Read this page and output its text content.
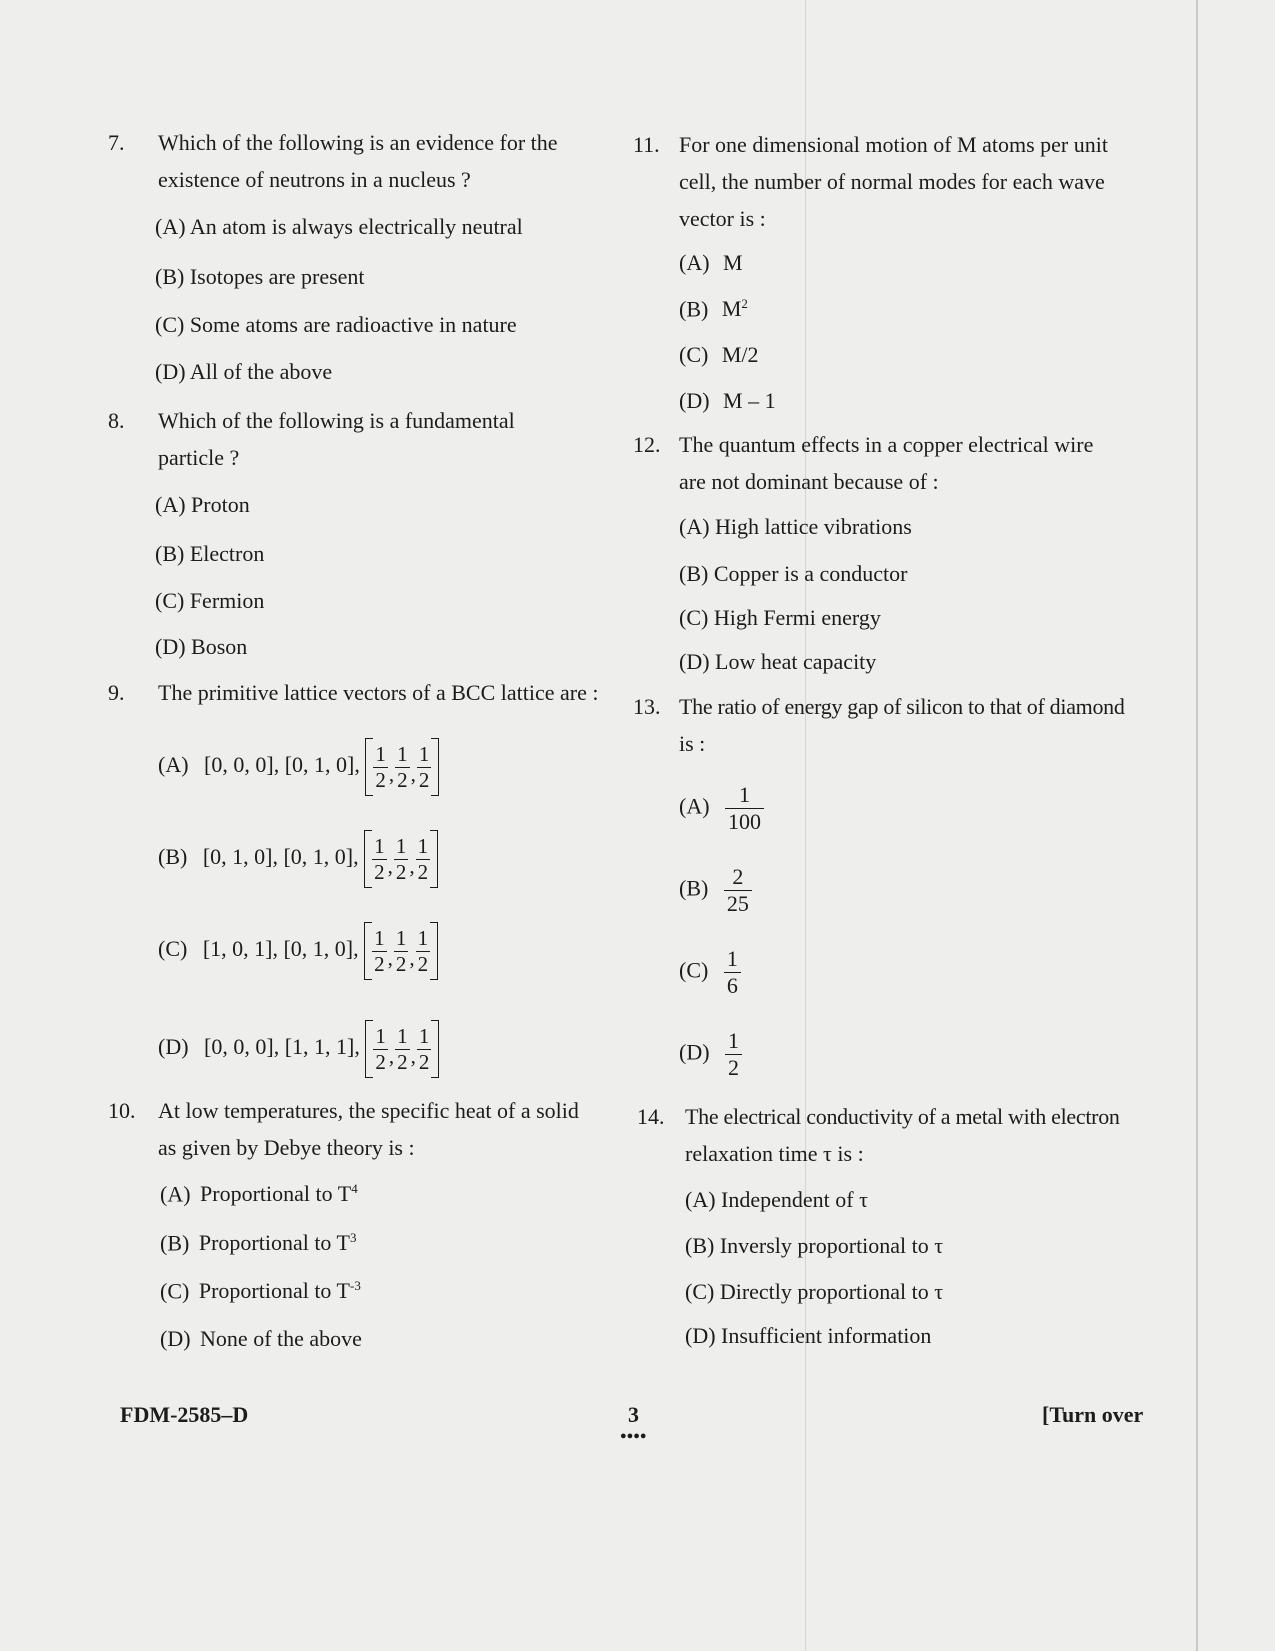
7. Which of the following is an evidence for the
existence of neutrons in a nucleus ?
(A) An atom is always electrically neutral
(B) Isotopes are present
(C) Some atoms are radioactive in nature
(D) All of the above
8. Which of the following is a fundamental
particle ?
(A) Proton
(B) Electron
(C) Fermion
(D) Boson
9. The primitive lattice vectors of a BCC lattice are :
(A) [0, 0, 0], [0, 1, 0], $\frac{1}{2}$ , $\frac{1}{2}$ , $\frac{1}{2}$
(B) [0, 1, 0], [0, 1, 0], $\frac{1}{2}$ , $\frac{1}{2}$ , $\frac{1}{2}$
(C) [1, 0, 1], [0, 1, 0], $\frac{1}{2}$ , $\frac{1}{2}$ , $\frac{1}{2}$
(D) [0, 0, 0], [1, 1, 1], $\frac{1}{2}$ , $\frac{1}{2}$ , $\frac{1}{2}$
10. At low temperatures, the specific heat of a solid
as given by Debye theory is :
(A) Proportional to $T^4$
(B) Proportional to $T^3$
(C) Proportional to $T^{-3}$
(D) None of the above
11. For one dimensional motion of M atoms per unit
cell, the number of normal modes for each wave
vector is :
(A) M
(B) $M^2$
(C) M/2
(D) M – 1
12. The quantum effects in a copper electrical wire
are not dominant because of :
(A) High lattice vibrations
(B) Copper is a conductor
(C) High Fermi energy
(D) Low heat capacity
13. The ratio of energy gap of silicon to that of diamond
is :
$(A) \frac{1}{100}$
$(B) \frac{2}{25}$
$(C) \frac{1}{6}$
$(D) \frac{1}{2}$
14. The electrical conductivity of a metal with electron
relaxation time τ is :
(A) Independent of τ
(B) Inversly proportional to τ
(C) Directly proportional to τ
(D) Insufficient information
FDM-2585–D	3
●●●●
[Turn over
